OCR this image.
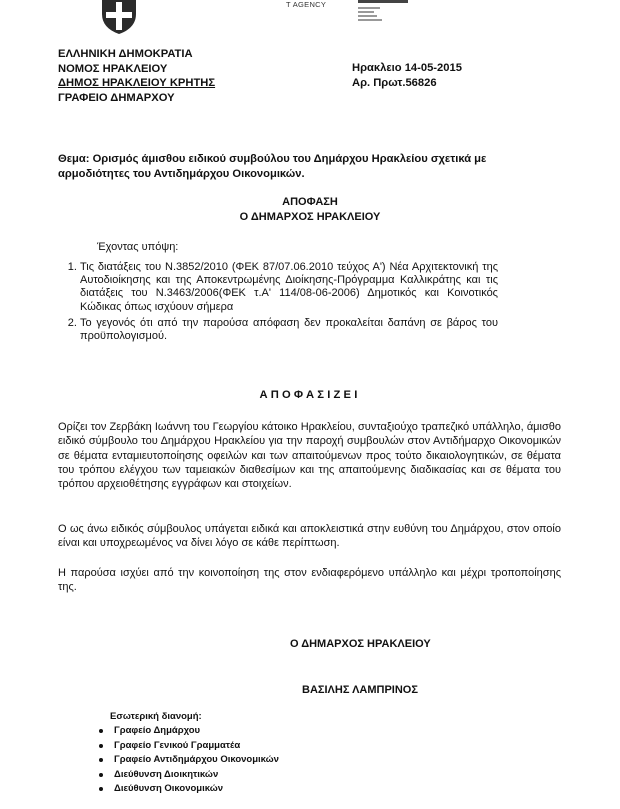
T AGENCY
ΕΛΛΗΝΙΚΗ ΔΗΜΟΚΡΑΤΙΑ
ΝΟΜΟΣ ΗΡΑΚΛΕΙΟΥ
ΔΗΜΟΣ ΗΡΑΚΛΕΙΟΥ ΚΡΗΤΗΣ
ΓΡΑΦΕΙΟ ΔΗΜΑΡΧΟΥ
Ηρακλειο 14-05-2015
Αρ. Πρωτ.56826
Θεμα: Ορισμός άμισθου ειδικού συμβούλου του Δημάρχου Ηρακλείου σχετικά με αρμοδιότητες του Αντιδημάρχου Οικονομικών.
ΑΠΟΦΑΣΗ
Ο ΔΗΜΑΡΧΟΣ ΗΡΑΚΛΕΙΟΥ
Έχοντας υπόψη:
1. Τις διατάξεις του Ν.3852/2010 (ΦΕΚ 87/07.06.2010 τεύχος Α') Νέα Αρχιτεκτονική της Αυτοδιοίκησης και της Αποκεντρωμένης Διοίκησης-Πρόγραμμα Καλλικράτης και τις διατάξεις του Ν.3463/2006(ΦΕΚ τ.Α' 114/08-06-2006) Δημοτικός και Κοινοτικός Κώδικας όπως ισχύουν σήμερα
2. Το γεγονός ότι από την παρούσα απόφαση δεν προκαλείται δαπάνη σε βάρος του προϋπολογισμού.
ΑΠΟΦΑΣΙΖΕΙ
Ορίζει τον Ζερβάκη Ιωάννη του Γεωργίου κάτοικο Ηρακλείου, συνταξιούχο τραπεζικό υπάλληλο, άμισθο ειδικό σύμβουλο του Δημάρχου Ηρακλείου για την παροχή συμβουλών στον Αντιδήμαρχο Οικονομικών σε θέματα ενταμιευτοποίησης οφειλών και των απαιτούμενων προς τούτο δικαιολογητικών, σε θέματα του τρόπου ελέγχου των ταμειακών διαθεσίμων και της απαιτούμενης διαδικασίας και σε θέματα του τρόπου αρχειοθέτησης εγγράφων και στοιχείων.
Ο ως άνω ειδικός σύμβουλος υπάγεται ειδικά και αποκλειστικά στην ευθύνη του Δημάρχου, στον οποίο είναι και υποχρεωμένος να δίνει λόγο σε κάθε περίπτωση.
Η παρούσα ισχύει από την κοινοποίηση της στον ενδιαφερόμενο υπάλληλο και μέχρι τροποποίησης της.
Ο ΔΗΜΑΡΧΟΣ ΗΡΑΚΛΕΙΟΥ
ΒΑΣΙΛΗΣ ΛΑΜΠΡΙΝΟΣ
Εσωτερική διανομή:
Γραφείο Δημάρχου
Γραφείο Γενικού Γραμματέα
Γραφείο Αντιδημάρχου Οικονομικών
Διεύθυνση Διοικητικών
Διεύθυνση Οικονομικών
